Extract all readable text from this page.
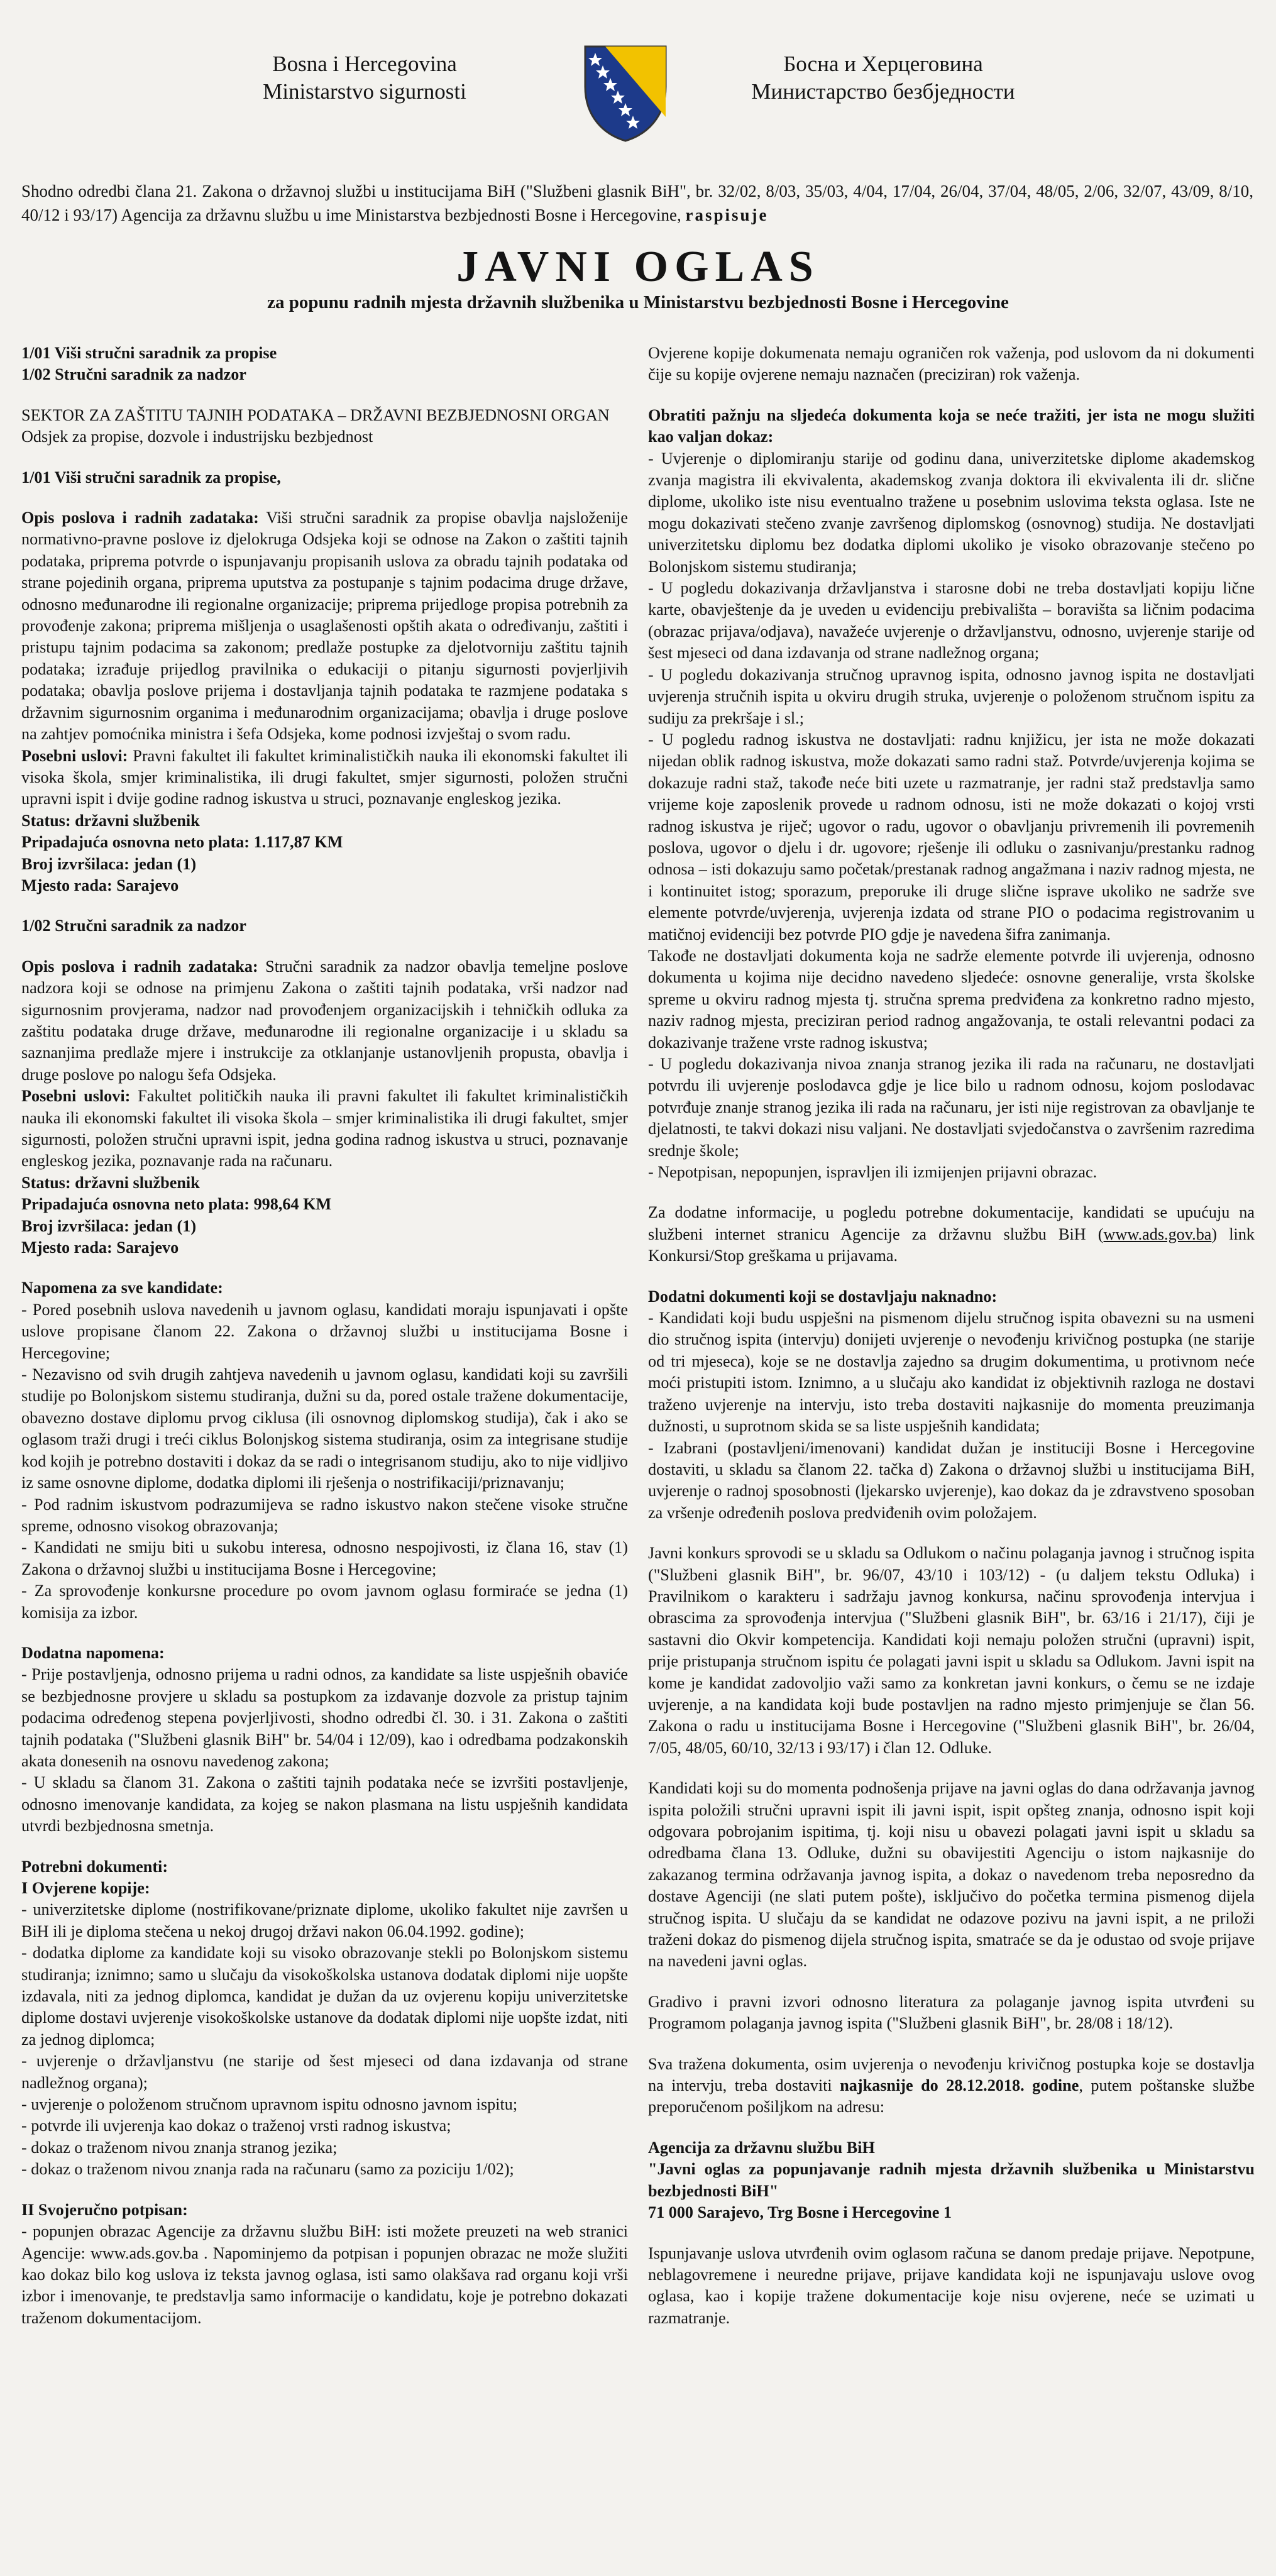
Bosna i Hercegovina
Ministarstvo sigurnosti
Босна и Херцеговина
Министарство безбједности
Shodno odredbi člana 21. Zakona o državnoj službi u institucijama BiH ("Službeni glasnik BiH", br. 32/02, 8/03, 35/03, 4/04, 17/04, 26/04, 37/04, 48/05, 2/06, 32/07, 43/09, 8/10, 40/12 i 93/17) Agencija za državnu službu u ime Ministarstva bezbjednosti Bosne i Hercegovine, raspisuje
JAVNI OGLAS
za popunu radnih mjesta državnih službenika u Ministarstvu bezbjednosti Bosne i Hercegovine

1/01 Viši stručni saradnik za propise
1/02 Stručni saradnik za nadzor

SEKTOR ZA ZAŠTITU TAJNIH PODATAKA – DRŽAVNI BEZBJEDNOSNI ORGAN
Odsjek za propise, dozvole i industrijsku bezbjednost

1/01 Viši stručni saradnik za propise,

Opis poslova i radnih zadataka: Viši stručni saradnik za propise obavlja najsloženije normativno-pravne poslove iz djelokruga Odsjeka koji se odnose na Zakon o zaštiti tajnih podataka, priprema potvrde o ispunjavanju propisanih uslova za obradu tajnih podataka od strane pojedinih organa, priprema uputstva za postupanje s tajnim podacima druge države, odnosno međunarodne ili regionalne organizacije; priprema prijedloge propisa potrebnih za provođenje zakona; priprema mišljenja o usaglašenosti opštih akata o određivanju, zaštiti i pristupu tajnim podacima sa zakonom; predlaže postupke za djelotvorniju zaštitu tajnih podataka; izrađuje prijedlog pravilnika o edukaciji o pitanju sigurnosti povjerljivih podataka; obavlja poslove prijema i dostavljanja tajnih podataka te razmjene podataka s državnim sigurnosnim organima i međunarodnim organizacijama; obavlja i druge poslove na zahtjev pomoćnika ministra i šefa Odsjeka, kome podnosi izvještaj o svom radu.

Posebni uslovi: Pravni fakultet ili fakultet kriminalističkih nauka ili ekonomski fakultet ili visoka škola, smjer kriminalistika, ili drugi fakultet, smjer sigurnosti, položen stručni upravni ispit i dvije godine radnog iskustva u struci, poznavanje engleskog jezika.
Status: državni službenik
Pripadajuća osnovna neto plata: 1.117,87 KM
Broj izvršilaca: jedan (1)
Mjesto rada: Sarajevo

1/02 Stručni saradnik za nadzor

Opis poslova i radnih zadataka: Stručni saradnik za nadzor obavlja temeljne poslove nadzora koji se odnose na primjenu Zakona o zaštiti tajnih podataka, vrši nadzor nad sigurnosnim provjerama, nadzor nad provođenjem organizacijskih i tehničkih odluka za zaštitu podataka druge države, međunarodne ili regionalne organizacije i u skladu sa saznanjima predlaže mjere i instrukcije za otklanjanje ustanovljenih propusta, obavlja i druge poslove po nalogu šefa Odsjeka.
Posebni uslovi: Fakultet političkih nauka ili pravni fakultet ili fakultet kriminalističkih nauka ili ekonomski fakultet ili visoka škola – smjer kriminalistika ili drugi fakultet, smjer sigurnosti, položen stručni upravni ispit, jedna godina radnog iskustva u struci, poznavanje engleskog jezika, poznavanje rada na računaru.
Status: državni službenik
Pripadajuća osnovna neto plata: 998,64 KM
Broj izvršilaca: jedan (1)
Mjesto rada: Sarajevo

Napomena za sve kandidate:
- Pored posebnih uslova navedenih u javnom oglasu, kandidati moraju ispunjavati i opšte uslove propisane članom 22. Zakona o državnoj službi u institucijama Bosne i Hercegovine;
- Nezavisno od svih drugih zahtjeva navedenih u javnom oglasu, kandidati koji su završili studije po Bolonjskom sistemu studiranja, dužni su da, pored ostale tražene dokumentacije, obavezno dostave diplomu prvog ciklusa (ili osnovnog diplomskog studija), čak i ako se oglasom traži drugi i treći ciklus Bolonjskog sistema studiranja, osim za integrisane studije kod kojih je potrebno dostaviti i dokaz da se radi o integrisanom studiju, ako to nije vidljivo iz same osnovne diplome, dodatka diplomi ili rješenja o nostrifikaciji/priznavanju;
- Pod radnim iskustvom podrazumijeva se radno iskustvo nakon stečene visoke stručne spreme, odnosno visokog obrazovanja;
- Kandidati ne smiju biti u sukobu interesa, odnosno nespojivosti, iz člana 16, stav (1) Zakona o državnoj službi u institucijama Bosne i Hercegovine;
- Za sprovođenje konkursne procedure po ovom javnom oglasu formiraće se jedna (1) komisija za izbor.

Dodatna napomena:
- Prije postavljenja, odnosno prijema u radni odnos, za kandidate sa liste uspješnih obaviće se bezbjednosne provjere u skladu sa postupkom za izdavanje dozvole za pristup tajnim podacima određenog stepena povjerljivosti, shodno odredbi čl. 30. i 31. Zakona o zaštiti tajnih podataka ("Službeni glasnik BiH" br. 54/04 i 12/09), kao i odredbama podzakonskih akata donesenih na osnovu navedenog zakona;
- U skladu sa članom 31. Zakona o zaštiti tajnih podataka neće se izvršiti postavljenje, odnosno imenovanje kandidata, za kojeg se nakon plasmana na listu uspješnih kandidata utvrdi bezbjednosna smetnja.

Potrebni dokumenti:
I Ovjerene kopije:
- univerzitetske diplome (nostrifikovane/priznate diplome, ukoliko fakultet nije završen u BiH ili je diploma stečena u nekoj drugoj državi nakon 06.04.1992. godine);
- dodatka diplome za kandidate koji su visoko obrazovanje stekli po Bolonjskom sistemu studiranja; iznimno; samo u slučaju da visokoškolska ustanova dodatak diplomi nije uopšte izdavala, niti za jednog diplomca, kandidat je dužan da uz ovjerenu kopiju univerzitetske diplome dostavi uvjerenje visokoškolske ustanove da dodatak diplomi nije uopšte izdat, niti za jednog diplomca;
- uvjerenje o državljanstvu (ne starije od šest mjeseci od dana izdavanja od strane nadležnog organa);
- uvjerenje o položenom stručnom upravnom ispitu odnosno javnom ispitu;
- potvrde ili uvjerenja kao dokaz o traženoj vrsti radnog iskustva;
- dokaz o traženom nivou znanja stranog jezika;
- dokaz o traženom nivou znanja rada na računaru (samo za poziciju 1/02);

II Svojeručno potpisan:
- popunjen obrazac Agencije za državnu službu BiH: isti možete preuzeti na web stranici Agencije: www.ads.gov.ba . Napominjemo da potpisan i popunjen obrazac ne može služiti kao dokaz bilo kog uslova iz teksta javnog oglasa, isti samo olakšava rad organu koji vrši izbor i imenovanje, te predstavlja samo informacije o kandidatu, koje je potrebno dokazati traženom dokumentacijom.

Ovjerene kopije dokumenata nemaju ograničen rok važenja, pod uslovom da ni dokumenti čije su kopije ovjerene nemaju naznačen (preciziran) rok važenja.

Obratiti pažnju na sljedeća dokumenta koja se neće tražiti, jer ista ne mogu služiti kao valjan dokaz:
- Uvjerenje o diplomiranju starije od godinu dana, univerzitetske diplome akademskog zvanja magistra ili ekvivalenta, akademskog zvanja doktora ili ekvivalenta ili dr. slične diplome, ukoliko iste nisu eventualno tražene u posebnim uslovima teksta oglasa. Iste ne mogu dokazivati stečeno zvanje završenog diplomskog (osnovnog) studija. Ne dostavljati univerzitetsku diplomu bez dodatka diplomi ukoliko je visoko obrazovanje stečeno po Bolonjskom sistemu studiranja;
- U pogledu dokazivanja državljanstva i starosne dobi ne treba dostavljati kopiju lične karte, obavještenje da je uveden u evidenciju prebivališta – boravišta sa ličnim podacima (obrazac prijava/odjava), navažeće uvjerenje o državljanstvu, odnosno, uvjerenje starije od šest mjeseci od dana izdavanja od strane nadležnog organa;
- U pogledu dokazivanja stručnog upravnog ispita, odnosno javnog ispita ne dostavljati uvjerenja stručnih ispita u okviru drugih struka, uvjerenje o položenom stručnom ispitu za sudiju za prekršaje i sl.;
- U pogledu radnog iskustva ne dostavljati: radnu knjižicu, jer ista ne može dokazati nijedan oblik radnog iskustva, može dokazati samo radni staž. Potvrde/uvjerenja kojima se dokazuje radni staž, takođe neće biti uzete u razmatranje, jer radni staž predstavlja samo vrijeme koje zaposlenik provede u radnom odnosu, isti ne može dokazati o kojoj vrsti radnog iskustva je riječ; ugovor o radu, ugovor o obavljanju privremenih ili povremenih poslova, ugovor o djelu i dr. ugovore; rješenje ili odluku o zasnivanju/prestanku radnog odnosa – isti dokazuju samo početak/prestanak radnog angažmana i naziv radnog mjesta, ne i kontinuitet istog; sporazum, preporuke ili druge slične isprave ukoliko ne sadrže sve elemente potvrde/uvjerenja, uvjerenja izdata od strane PIO o podacima registrovanim u matičnoj evidenciji bez potvrde PIO gdje je navedena šifra zanimanja.
Takođe ne dostavljati dokumenta koja ne sadrže elemente potvrde ili uvjerenja, odnosno dokumenta u kojima nije decidno navedeno sljedeće: osnovne generalije, vrsta školske spreme u okviru radnog mjesta tj. stručna sprema predviđena za konkretno radno mjesto, naziv radnog mjesta, preciziran period radnog angažovanja, te ostali relevantni podaci za dokazivanje tražene vrste radnog iskustva;
- U pogledu dokazivanja nivoa znanja stranog jezika ili rada na računaru, ne dostavljati potvrdu ili uvjerenje poslodavca gdje je lice bilo u radnom odnosu, kojom poslodavac potvrđuje znanje stranog jezika ili rada na računaru, jer isti nije registrovan za obavljanje te djelatnosti, te takvi dokazi nisu valjani. Ne dostavljati svjedočanstva o završenim razredima srednje škole;
- Nepotpisan, nepopunjen, ispravljen ili izmijenjen prijavni obrazac.

Za dodatne informacije, u pogledu potrebne dokumentacije, kandidati se upućuju na službeni internet stranicu Agencije za državnu službu BiH (www.ads.gov.ba) link Konkursi/Stop greškama u prijavama.

Dodatni dokumenti koji se dostavljaju naknadno:
- Kandidati koji budu uspješni na pismenom dijelu stručnog ispita obavezni su na usmeni dio stručnog ispita (intervju) donijeti uvjerenje o nevođenju krivičnog postupka (ne starije od tri mjeseca), koje se ne dostavlja zajedno sa drugim dokumentima, u protivnom neće moći pristupiti istom. Iznimno, a u slučaju ako kandidat iz objektivnih razloga ne dostavi traženo uvjerenje na intervju, isto treba dostaviti najkasnije do momenta preuzimanja dužnosti, u suprotnom skida se sa liste uspješnih kandidata;
- Izabrani (postavljeni/imenovani) kandidat dužan je instituciji Bosne i Hercegovine dostaviti, u skladu sa članom 22. tačka d) Zakona o državnoj službi u institucijama BiH, uvjerenje o radnoj sposobnosti (ljekarsko uvjerenje), kao dokaz da je zdravstveno sposoban za vršenje određenih poslova predviđenih ovim položajem.

Javni konkurs sprovodi se u skladu sa Odlukom o načinu polaganja javnog i stručnog ispita ("Službeni glasnik BiH", br. 96/07, 43/10 i 103/12) - (u daljem tekstu Odluka) i Pravilnikom o karakteru i sadržaju javnog konkursa, načinu sprovođenja intervjua i obrascima za sprovođenja intervjua ("Službeni glasnik BiH", br. 63/16 i 21/17), čiji je sastavni dio Okvir kompetencija. Kandidati koji nemaju položen stručni (upravni) ispit, prije pristupanja stručnom ispitu će polagati javni ispit u skladu sa Odlukom. Javni ispit na kome je kandidat zadovoljio važi samo za konkretan javni konkurs, o čemu se ne izdaje uvjerenje, a na kandidata koji bude postavljen na radno mjesto primjenjuje se član 56. Zakona o radu u institucijama Bosne i Hercegovine ("Službeni glasnik BiH", br. 26/04, 7/05, 48/05, 60/10, 32/13 i 93/17) i član 12. Odluke.

Kandidati koji su do momenta podnošenja prijave na javni oglas do dana održavanja javnog ispita položili stručni upravni ispit ili javni ispit, ispit opšteg znanja, odnosno ispit koji odgovara pobrojanim ispitima, tj. koji nisu u obavezi polagati javni ispit u skladu sa odredbama člana 13. Odluke, dužni su obavijestiti Agenciju o istom najkasnije do zakazanog termina održavanja javnog ispita, a dokaz o navedenom treba neposredno da dostave Agenciji (ne slati putem pošte), isključivo do početka termina pismenog dijela stručnog ispita. U slučaju da se kandidat ne odazove pozivu na javni ispit, a ne priloži traženi dokaz do pismenog dijela stručnog ispita, smatraće se da je odustao od svoje prijave na navedeni javni oglas.

Gradivo i pravni izvori odnosno literatura za polaganje javnog ispita utvrđeni su Programom polaganja javnog ispita ("Službeni glasnik BiH", br. 28/08 i 18/12).

Sva tražena dokumenta, osim uvjerenja o nevođenju krivičnog postupka koje se dostavlja na intervju, treba dostaviti najkasnije do 28.12.2018. godine, putem poštanske službe preporučenom pošiljkom na adresu:

Agencija za državnu službu BiH
"Javni oglas za popunjavanje radnih mjesta državnih službenika u Ministarstvu bezbjednosti BiH"
71 000 Sarajevo, Trg Bosne i Hercegovine 1

Ispunjavanje uslova utvrđenih ovim oglasom računa se danom predaje prijave. Nepotpune, neblagovremene i neuredne prijave, prijave kandidata koji ne ispunjavaju uslove ovog oglasa, kao i kopije tražene dokumentacije koje nisu ovjerene, neće se uzimati u razmatranje.
